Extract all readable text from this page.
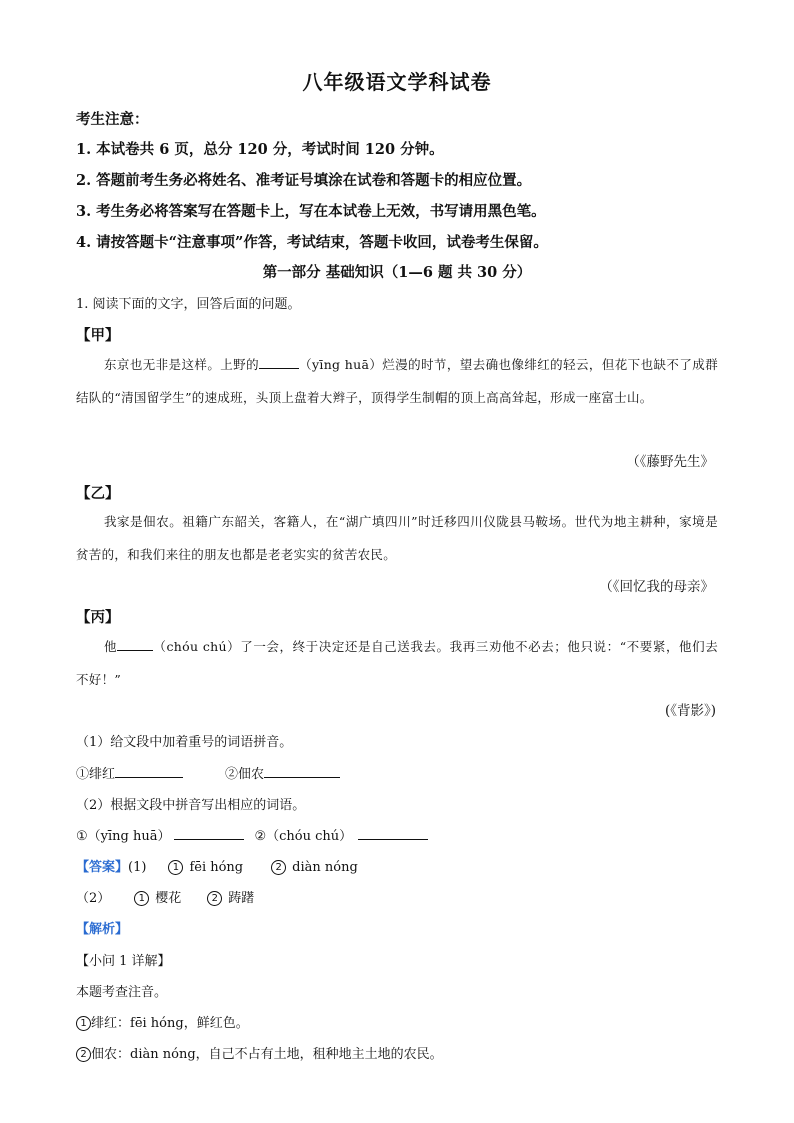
八年级语文学科试卷
考生注意：
1. 本试卷共 6 页，总分 120 分，考试时间 120 分钟。
2. 答题前考生务必将姓名、准考证号填涂在试卷和答题卡的相应位置。
3. 考生务必将答案写在答题卡上，写在本试卷上无效，书写请用黑色笔。
4. 请按答题卡“注意事项”作答，考试结束，答题卡收回，试卷考生保留。
第一部分 基础知识（1—6 题 共 30 分）
1. 阅读下面的文字，回答后面的问题。
【甲】
东京也无非是这样。上野的	（yīng huā）烂漫的时节，望去确也像绯红的轻云，但花下也缺不了成群结队的“清国留学生”的速成班，头顶上盘着大辫子，顶得学生制帽的顶上高高耸起，形成一座富士山。
（《藤野先生》
【乙】
我家是佃农。祖籍广东韶关，客籍人，在“湖广填四川”时迁移四川仪陇县马鞍场。世代为地主耕种，家境是贫苦的，和我们来往的朋友也都是老老实实的贫苦农民。
（《回忆我的母亲》
【丙】
他	（chóu chú）了一会，终于决定还是自己送我去。我再三劝他不必去；他只说：“不要紧，他们去不好！”
(《背影》)
（1）给文段中加着重号的词语拼音。
①绯红	②佃农
（2）根据文段中拼音写出相应的词语。
①（yīng huā）	②（chóu chú）
【答案】(1)	1 fēi hóng	2 diàn nóng
（2）	1 樱花	2 踌躇
【解析】
【小问 1 详解】
本题考查注音。
1 绯红：fēi hóng，鲜红色。
2 佃农：diàn nóng，自己不占有土地，租种地主土地的农民。
